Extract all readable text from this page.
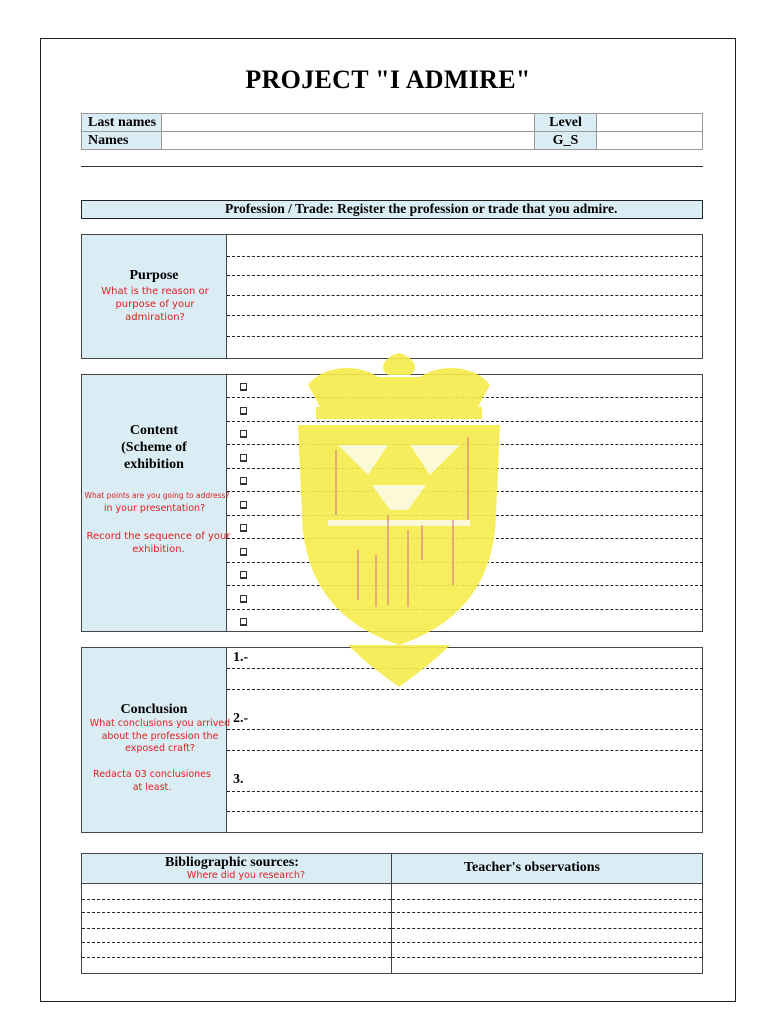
PROJECT "I ADMIRE"
Last names	Level
Names	G_S
Profession / Trade: Register the profession or trade that you admire.
Purpose
What is the reason or purpose of your admiration?
Content
(Scheme of
exhibition
What points are you going to address?
in your presentation?
Record the sequence of your exhibition.
Conclusion
What conclusions you arrived about the profession the exposed craft?
Redacta 03 conclusiones at least.
1.-
2.-
3.
Bibliographic sources:
Where did you research?
Teacher's observations
